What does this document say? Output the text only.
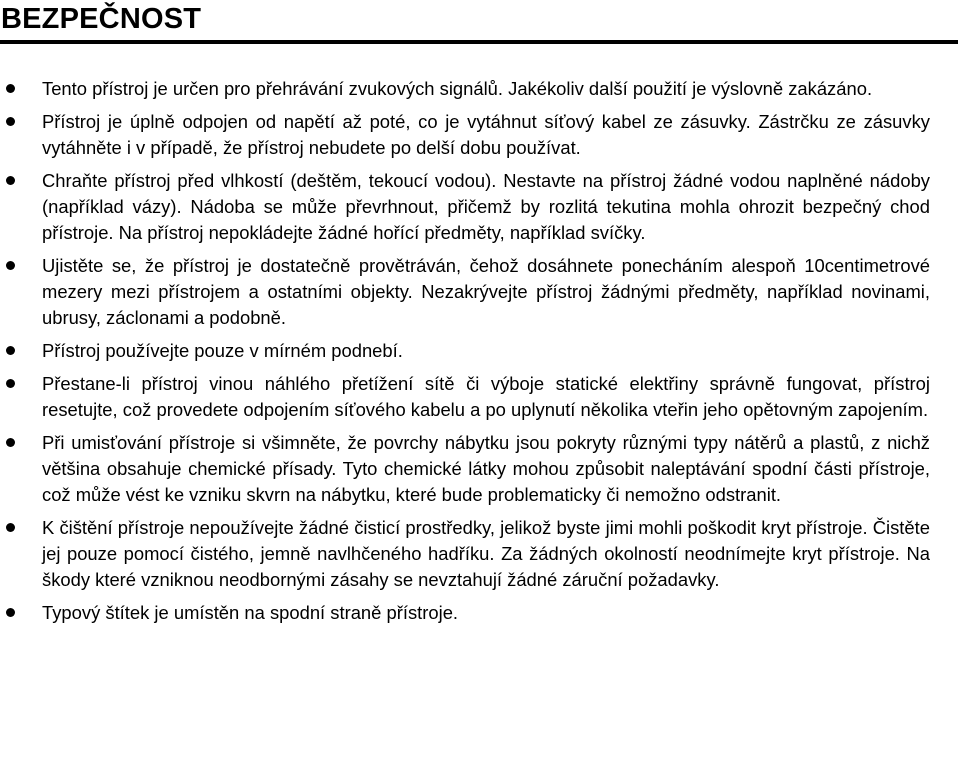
BEZPEČNOST
Tento přístroj je určen pro přehrávání zvukových signálů. Jakékoliv další použití je výslovně zakázáno.
Přístroj je úplně odpojen od napětí až poté, co je vytáhnut síťový kabel ze zásuvky. Zástrčku ze zásuvky vytáhněte i v případě, že přístroj nebudete po delší dobu používat.
Chraňte přístroj před vlhkostí (deštěm, tekoucí vodou). Nestavte na přístroj žádné vodou naplněné nádoby (například vázy). Nádoba se může převrhnout, přičemž by rozlitá tekutina mohla ohrozit bezpečný chod přístroje. Na přístroj nepokládejte žádné hořící předměty, například svíčky.
Ujistěte se, že přístroj je dostatečně provětráván, čehož dosáhnete ponecháním alespoň 10centimetrové mezery mezi přístrojem a ostatními objekty. Nezakrývejte přístroj žádnými předměty, například novinami, ubrusy, záclonami a podobně.
Přístroj používejte pouze v mírném podnebí.
Přestane-li přístroj vinou náhlého přetížení sítě či výboje statické elektřiny správně fungovat, přístroj resetujte, což provedete odpojením síťového kabelu a po uplynutí několika vteřin jeho opětovným zapojením.
Při umisťování přístroje si všimněte, že povrchy nábytku jsou pokryty různými typy nátěrů a plastů, z nichž většina obsahuje chemické přísady. Tyto chemické látky mohou způsobit naleptávání spodní části přístroje, což může vést ke vzniku skvrn na nábytku, které bude problematicky či nemožno odstranit.
K čištění přístroje nepoužívejte žádné čisticí prostředky, jelikož byste jimi mohli poškodit kryt přístroje. Čistěte jej pouze pomocí čistého, jemně navlhčeného hadříku. Za žádných okolností neodnímejte kryt přístroje. Na škody které vzniknou neodbornými zásahy se nevztahují žádné záruční požadavky.
Typový štítek je umístěn na spodní straně přístroje.
